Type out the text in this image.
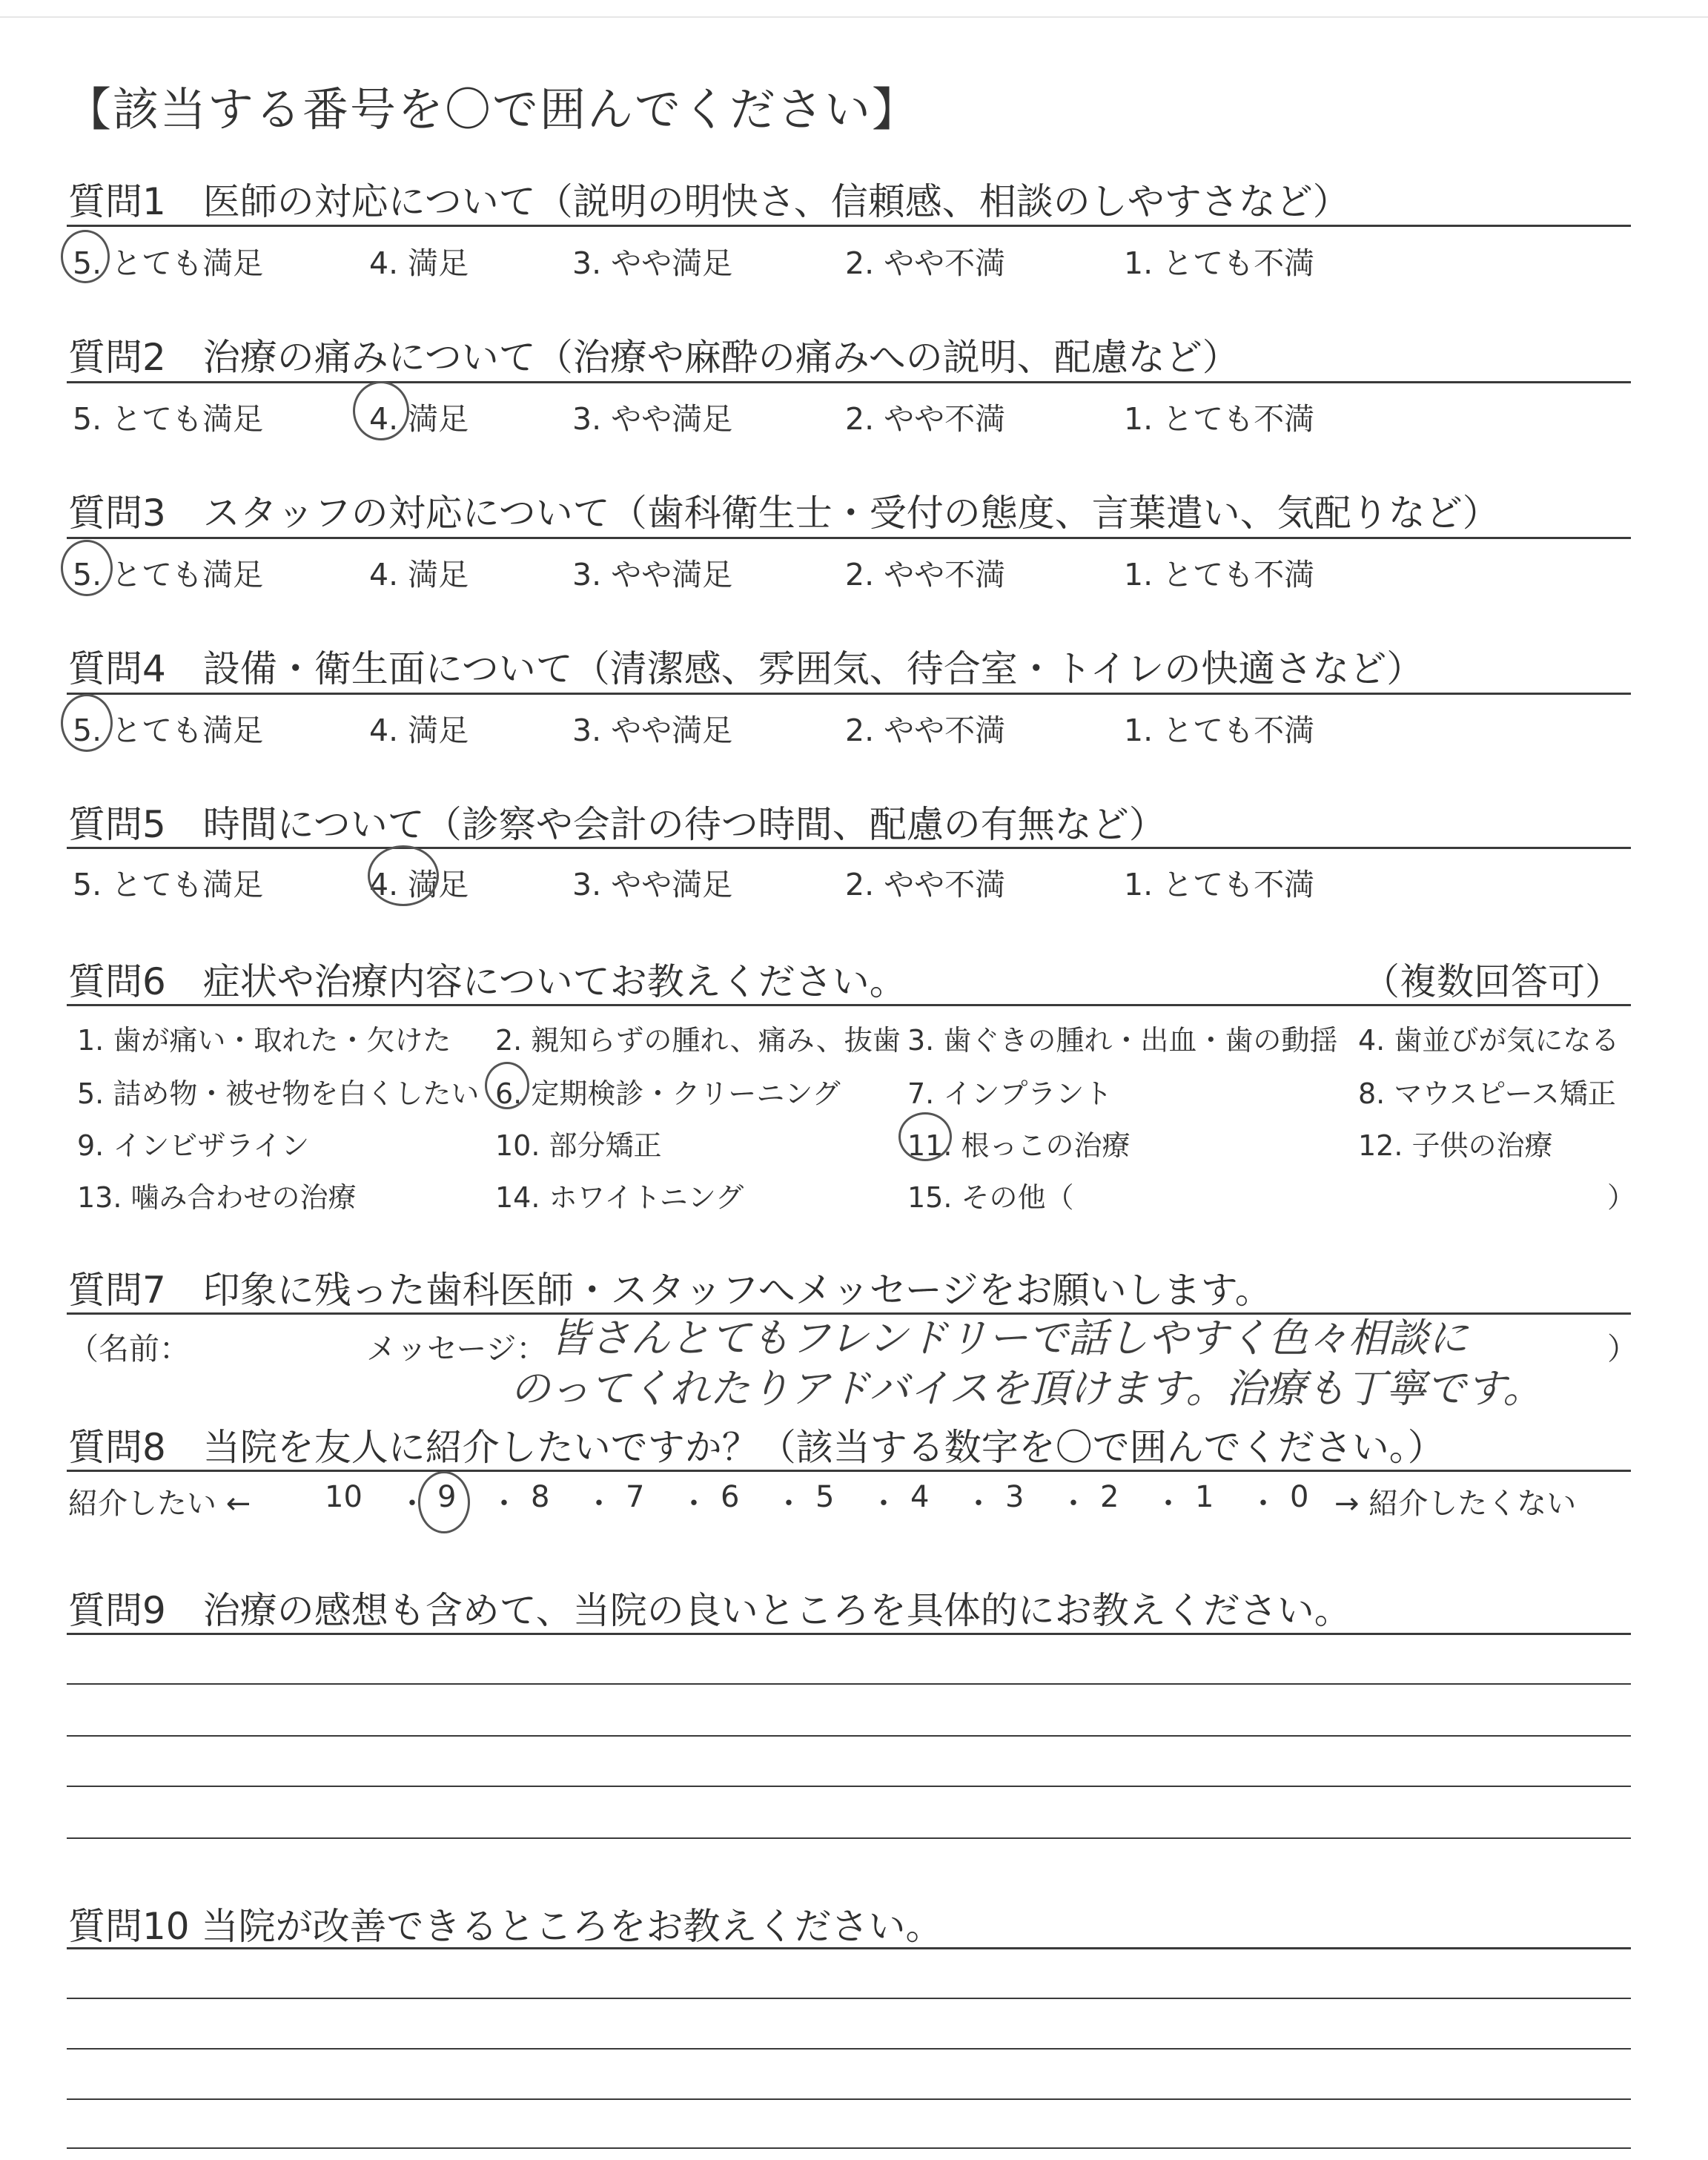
【該当する番号を〇で囲んでください】
質問1　医師の対応について（説明の明快さ、信頼感、相談のしやすさなど）
5. とても満足	4. 満足	3. やや満足	2. やや不満	1. とても不満
質問2　治療の痛みについて（治療や麻酔の痛みへの説明、配慮など）
5. とても満足	4. 満足	3. やや満足	2. やや不満	1. とても不満
質問3　スタッフの対応について（歯科衛生士・受付の態度、言葉遣い、気配りなど）
5. とても満足	4. 満足	3. やや満足	2. やや不満	1. とても不満
質問4　設備・衛生面について（清潔感、雰囲気、待合室・トイレの快適さなど）
5. とても満足	4. 満足	3. やや満足	2. やや不満	1. とても不満
質問5　時間について（診察や会計の待つ時間、配慮の有無など）
5. とても満足	4. 満足	3. やや満足	2. やや不満	1. とても不満
質問6　症状や治療内容についてお教えください。	（複数回答可）
1. 歯が痛い・取れた・欠けた 2. 親知らずの腫れ、痛み、抜歯 3. 歯ぐきの腫れ・出血・歯の動揺 4. 歯並びが気になる
5. 詰め物・被せ物を白くしたい 6. 定期検診・クリーニング 7. インプラント	8. マウスピース矯正
9. インビザライン	10. 部分矯正	11. 根っこの治療	12. 子供の治療
13. 噛み合わせの治療	14. ホワイトニング	15. その他（	）
質問7　印象に残った歯科医師・スタッフへメッセージをお願いします。
（名前：	メッセージ：	）
皆さんとてもフレンドリーで話しやすく色々相談に
のってくれたりアドバイスを頂けます。治療も丁寧です。
質問8　当院を友人に紹介したいですか？（該当する数字を〇で囲んでください。）
紹介したい ←	→ 紹介したくない
10 ・ 9 ・ 8 ・ 7 ・ 6 ・ 5 ・ 4 ・ 3 ・ 2 ・ 1 ・ 0
質問9　治療の感想も含めて、当院の良いところを具体的にお教えください。
質問10 当院が改善できるところをお教えください。
